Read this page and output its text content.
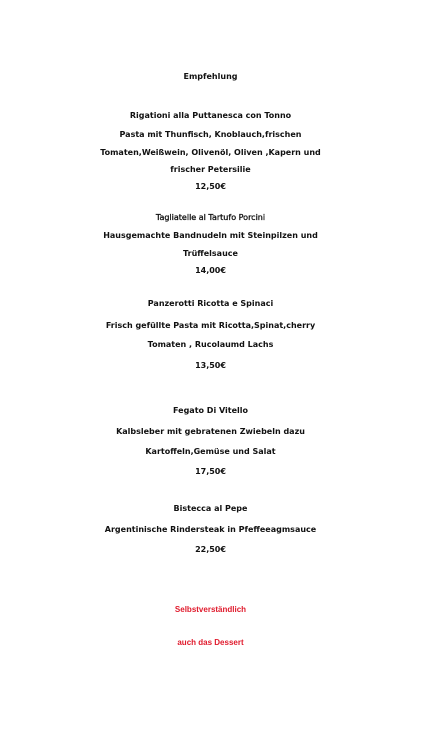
Empfehlung
Rigationi alla Puttanesca con Tonno
Pasta mit Thunfisch, Knoblauch,frischen
Tomaten,Weißwein, Olivenöl, Oliven ,Kapern und
frischer Petersilie
12,50€
Tagliatelle al Tartufo Porcini
Hausgemachte Bandnudeln mit Steinpilzen und
Trüffelsauce
14,00€
Panzerotti Ricotta e Spinaci
Frisch gefüllte Pasta mit Ricotta,Spinat,cherry
Tomaten , Rucolaumd Lachs
13,50€
Fegato Di Vitello
Kalbsleber mit gebratenen Zwiebeln dazu
Kartoffeln,Gemüse und Salat
17,50€
Bistecca al Pepe
Argentinische Rindersteak in Pfeffeeagmsauce
22,50€
Selbstverständlich
auch das Dessert
